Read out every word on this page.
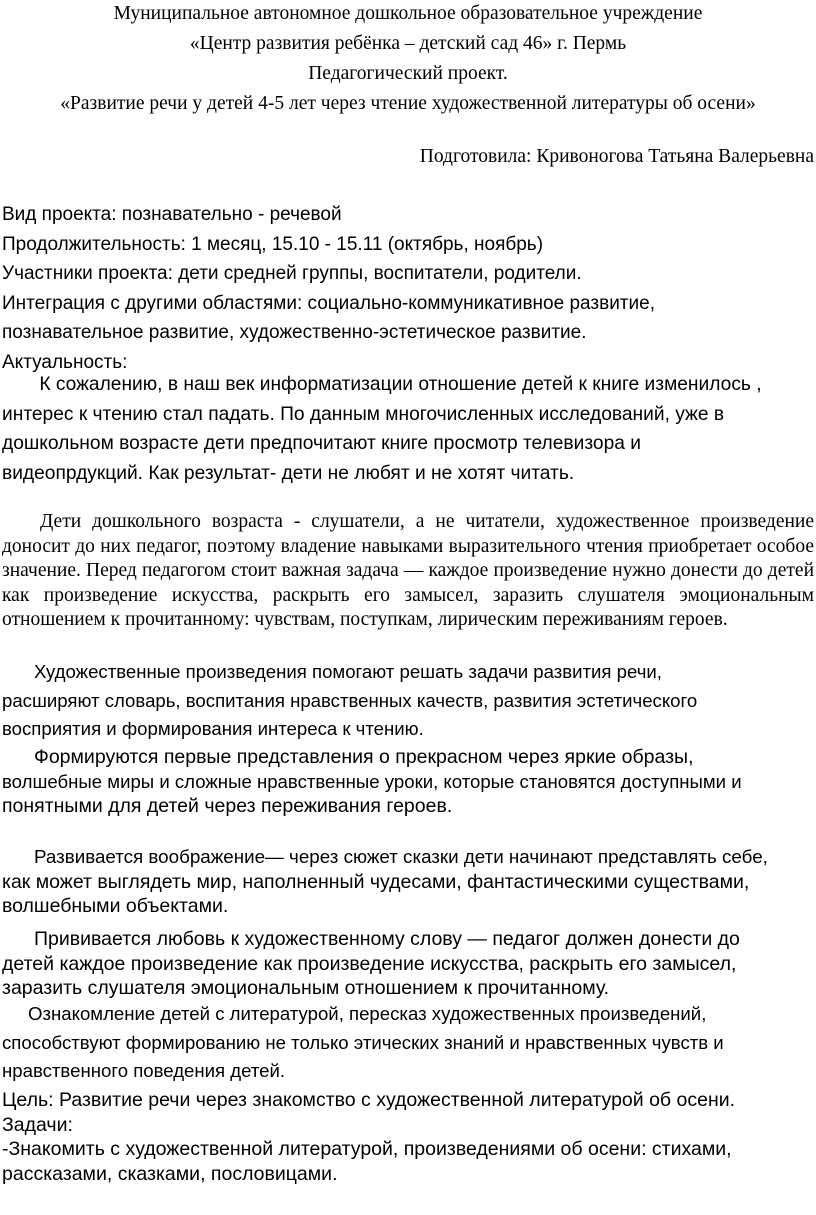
Муниципальное автономное дошкольное образовательное учреждение
«Центр развития ребёнка – детский сад 46» г. Пермь
Педагогический проект.
«Развитие речи у детей 4-5 лет через чтение художественной литературы об осени»
Подготовила: Кривоногова Татьяна Валерьевна

Вид проекта: познавательно - речевой

Продолжительность: 1 месяц, 15.10 - 15.11 (октябрь, ноябрь)

Участники проекта: дети средней группы, воспитатели, родители.

Интеграция с другими областями: социально-коммуникативное развитие,

познавательное развитие, художественно-эстетическое развитие.

Актуальность:

К сожалению, в наш век информатизации отношение детей к книге изменилось ,

интерес к чтению стал падать. По данным многочисленных исследований, уже в

дошкольном возрасте дети предпочитают книге просмотр телевизора и

видеопрдукций. Как результат- дети не любят и не хотят читать.

Дети дошкольного возраста - слушатели, а не читатели, художественное произведение доносит до них педагог, поэтому владение навыками выразительного чтения приобретает особое значение. Перед педагогом стоит важная задача — каждое произведение нужно донести до детей как произведение искусства, раскрыть его замысел, заразить слушателя эмоциональным отношением к прочитанному: чувствам, поступкам, лирическим переживаниям героев.

Художественные произведения помогают решать задачи развития речи,
расширяют словарь, воспитания нравственных качеств, развития эстетического
восприятия и формирования интереса к чтению.
Формируются первые представления о прекрасном через яркие образы,
волшебные миры и сложные нравственные уроки, которые становятся доступными и
понятными для детей через переживания героев.
Развивается воображение— через сюжет сказки дети начинают представлять себе,
как может выглядеть мир, наполненный чудесами, фантастическими существами,
волшебными объектами.
Прививается любовь к художественному слову — педагог должен донести до
детей каждое произведение как произведение искусства, раскрыть его замысел,
заразить слушателя эмоциональным отношением к прочитанному.
Ознакомление детей с литературой, пересказ художественных произведений,
способствуют формированию не только этических знаний и нравственных чувств и
нравственного поведения детей.
Цель: Развитие речи через знакомство с художественной литературой об осени.
Задачи:
-Знакомить с художественной литературой, произведениями об осени: стихами,
рассказами, сказками, пословицами.
